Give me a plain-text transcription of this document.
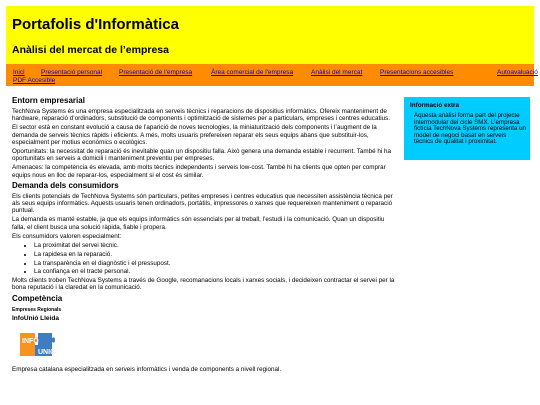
Portafolis d'Informàtica
Anàlisi del mercat de l’empresa
Inici	Presentació personal	Presentació de l'empresa	Àrea comercial de l'empresa	Anàlisi del mercat	Presentacions accesibles	Autoavaluació
PDF Accesible
Entorn empresarial

TechNova Systems és una empresa especialitzada en serveis tècnics i reparacions de dispositius informàtics. Ofereix manteniment de hardware, reparació d’ordinadors, substitució de components i optimització de sistemes per a particulars, empreses i centres educatius.

El sector està en constant evolució a causa de l’aparició de noves tecnologies, la miniaturització dels components i l’augment de la demanda de serveis tècnics ràpids i eficients. A més, molts usuaris prefereixen reparar els seus equips abans que substituir-los, especialment per motius econòmics o ecològics.

Oportunitats: la necessitat de reparació és inevitable quan un dispositiu falla. Això genera una demanda estable i recurrent. També hi ha oportunitats en serveis a domicili i manteniment preventiu per empreses.

Amenaces: la competència és elevada, amb molts tècnics independents i serveis low-cost. També hi ha clients que opten per comprar equips nous en lloc de reparar-los, especialment si el cost és similar.

Demanda dels consumidors

Els clients potencials de TechNova Systems són particulars, petites empreses i centres educatius que necessiten assistència tècnica per als seus equips informàtics. Aquests usuaris tenen ordinadors, portàtils, impressores o xarxes que requereixen manteniment o reparació puntual.

La demanda es manté estable, ja que els equips informàtics són essencials per al treball, l’estudi i la comunicació. Quan un dispositiu falla, el client busca una solució ràpida, fiable i propera.

Els consumidors valoren especialment:

• La proximitat del servei tècnic.
• La rapidesa en la reparació.
• La transparència en el diagnòstic i el pressupost.
• La confiança en el tracte personal.

Molts clients troben TechNova Systems a través de Google, recomanacions locals i xarxes socials, i decideixen contractar el servei per la bona reputació i la claredat en la comunicació.

Competència
Empreses Regionals
InfoUnió Lleida
INFO
UNIÓ

Empresa catalana especialitzada en serveis informàtics i venda de components a nivell regional.

Informació extra

Aquesta anàlisi forma part del projecte intermodular del cicle SMX. L’empresa fictícia TechNova Systems representa un model de negoci basat en serveis tècnics de qualitat i proximitat.
